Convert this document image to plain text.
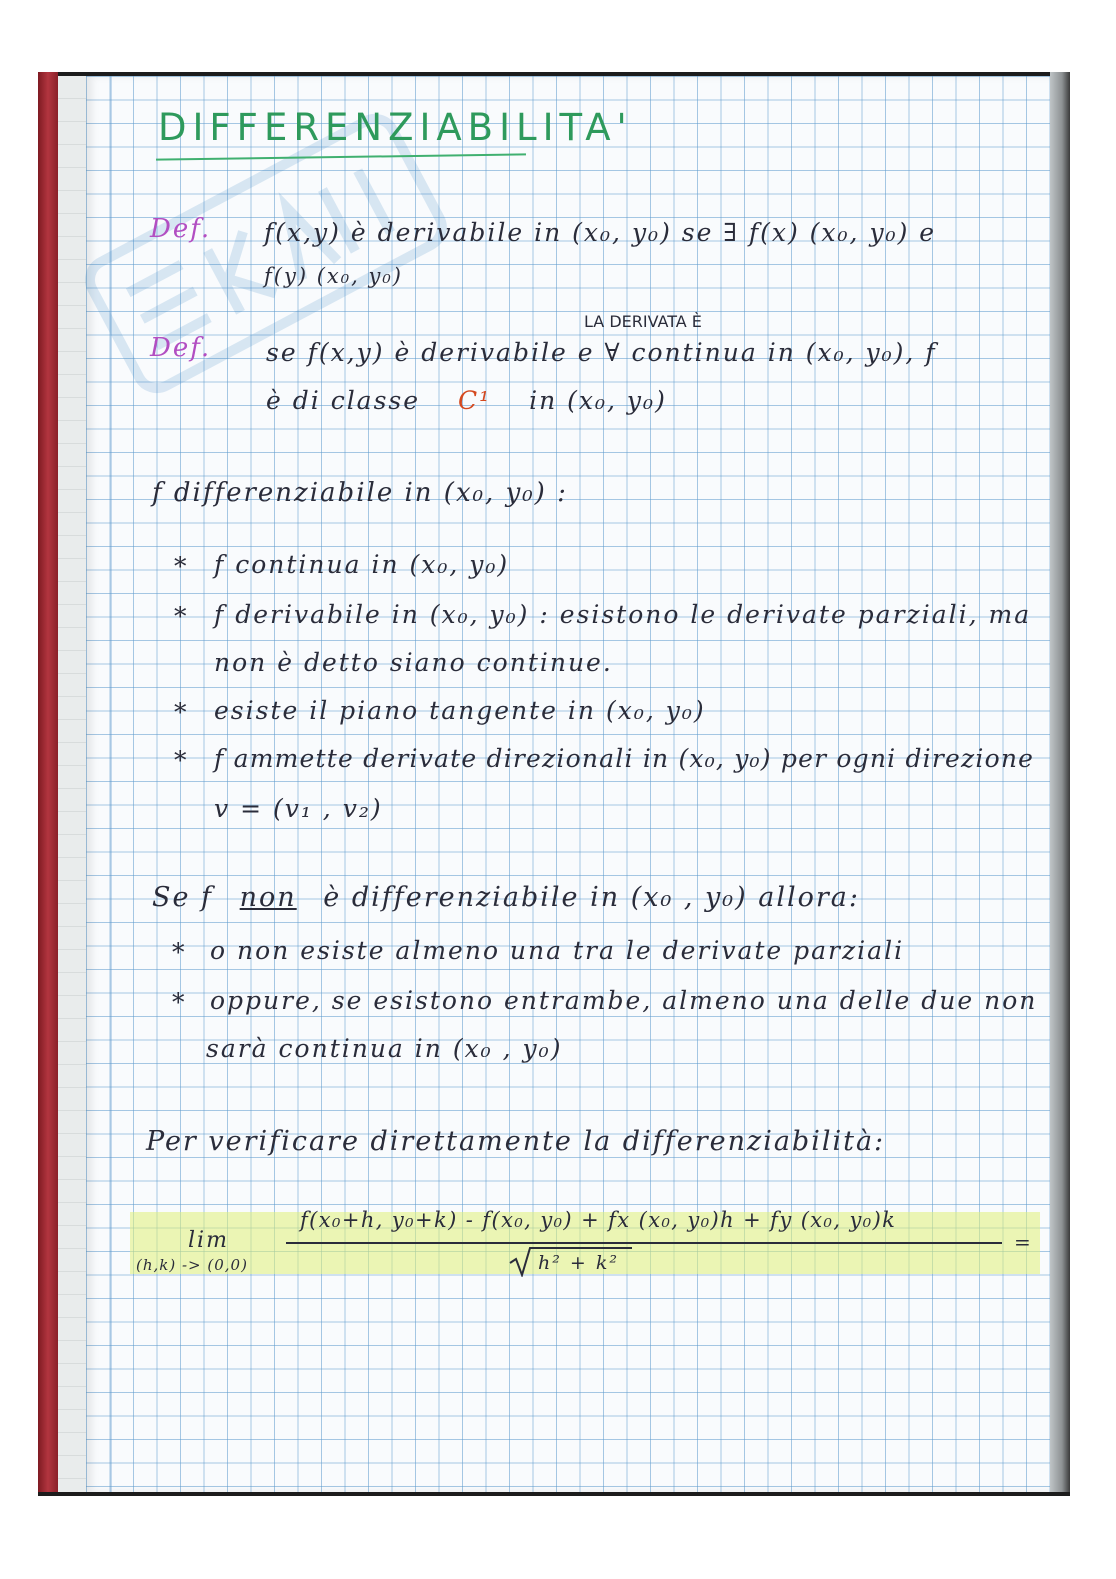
DIFFERENZIABILITA'
Def. f(x,y) è derivabile in (x₀, y₀) se ∃ f(x) (x₀, y₀) e
f(y) (x₀, y₀)
LA DERIVATA È
Def. se f(x,y) è derivabile e ∀ continua in (x₀, y₀), f
è di classe C¹ in (x₀, y₀)
f differenziabile in (x₀, y₀) :
* f continua in (x₀, y₀)
* f derivabile in (x₀, y₀) : esistono le derivate parziali, ma
non è detto siano continue.
* esiste il piano tangente in (x₀, y₀)
* f ammette derivate direzionali in (x₀, y₀) per ogni direzione
v = (v₁ , v₂)
Se f non è differenziabile in (x₀ , y₀) allora:
* o non esiste almeno una tra le derivate parziali
* oppure, se esistono entrambe, almeno una delle due non
sarà continua in (x₀ , y₀)
Per verificare direttamente la differenziabilità:
lim
(h,k) -> (0,0)
f(x₀+h, y₀+k) - f(x₀, y₀) + fx (x₀, y₀)h + fy (x₀, y₀)k
h² + k²
=
